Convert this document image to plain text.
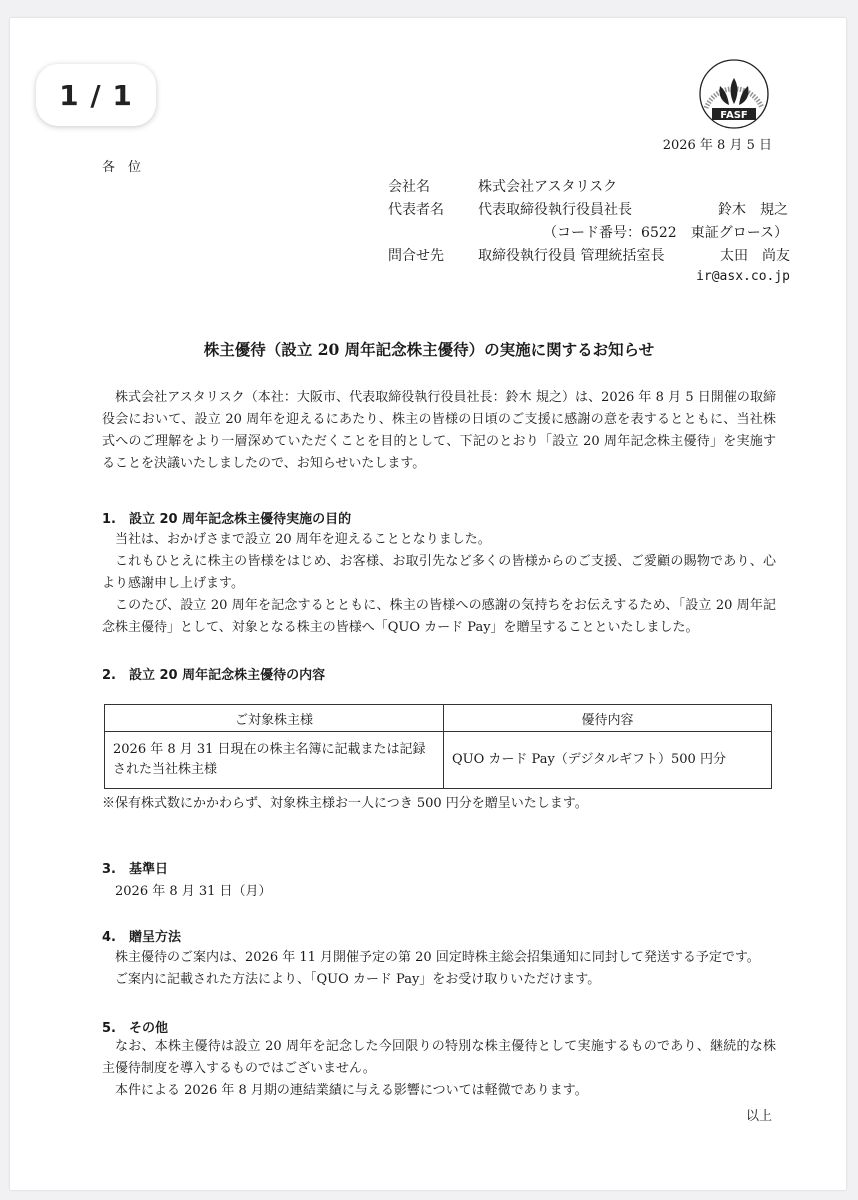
1 / 1
FASF
2026 年 8 月 5 日
各　位
会社名	株式会社アスタリスク
代表者名 代表取締役執行役員社長	鈴木　規之
（コード番号：6522　東証グロース）
問合せ先 取締役執行役員 管理統括室長	太田　尚友
ir@asx.co.jp
株主優待（設立 20 周年記念株主優待）の実施に関するお知らせ

株式会社アスタリスク（本社：大阪市、代表取締役執行役員社長：鈴木 規之）は、2026 年 8 月 5 日開催の取締役会において、設立 20 周年を迎えるにあたり、株主の皆様の日頃のご支援に感謝の意を表するとともに、当社株式へのご理解をより一層深めていただくことを目的として、下記のとおり「設立 20 周年記念株主優待」を実施することを決議いたしましたので、お知らせいたします。

1.　設立 20 周年記念株主優待実施の目的

当社は、おかげさまで設立 20 周年を迎えることとなりました。

これもひとえに株主の皆様をはじめ、お客様、お取引先など多くの皆様からのご支援、ご愛顧の賜物であり、心より感謝申し上げます。

このたび、設立 20 周年を記念するとともに、株主の皆様への感謝の気持ちをお伝えするため、「設立 20 周年記念株主優待」として、対象となる株主の皆様へ「QUO カード Pay」を贈呈することといたしました。

2.　設立 20 周年記念株主優待の内容
ご対象株主様	優待内容
2026 年 8 月 31 日現在の株主名簿に記載または記録された当社株主様	QUO カード Pay（デジタルギフト）500 円分
※保有株式数にかかわらず、対象株主様お一人につき 500 円分を贈呈いたします。
3.　基準日
2026 年 8 月 31 日（月）
4.　贈呈方法

株主優待のご案内は、2026 年 11 月開催予定の第 20 回定時株主総会招集通知に同封して発送する予定です。

ご案内に記載された方法により、「QUO カード Pay」をお受け取りいただけます。

5.　その他

なお、本株主優待は設立 20 周年を記念した今回限りの特別な株主優待として実施するものであり、継続的な株主優待制度を導入するものではございません。

本件による 2026 年 8 月期の連結業績に与える影響については軽微であります。

以上
